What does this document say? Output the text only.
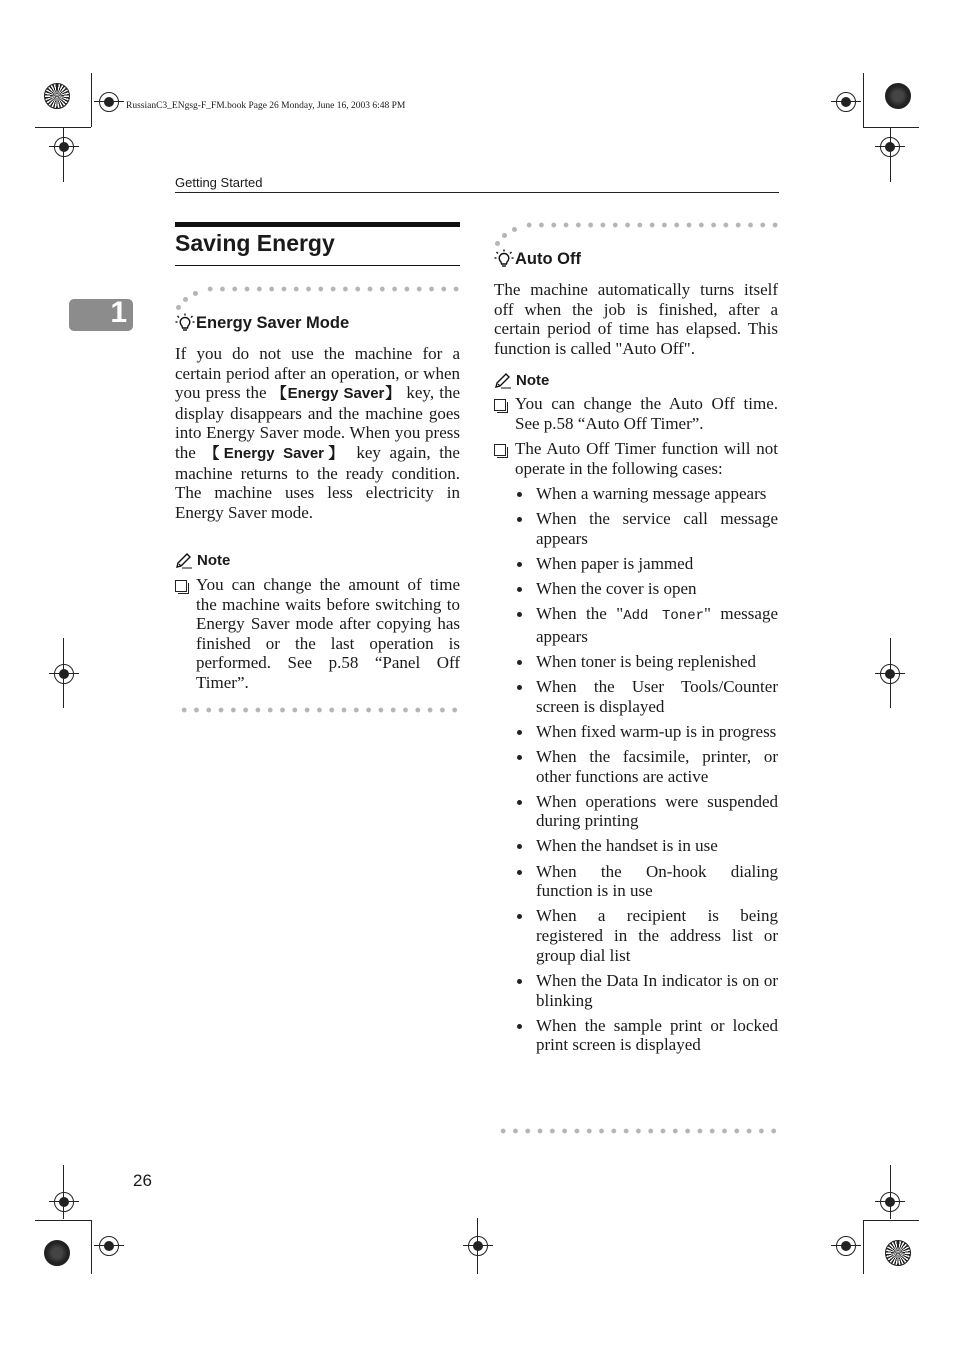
RussianC3_ENgsg-F_FM.book Page 26 Monday, June 16, 2003 6:48 PM
Getting Started
1
Saving Energy
Energy Saver Mode
If you do not use the machine for a certain period after an operation, or when you press the 【Energy Saver】 key, the display disappears and the machine goes into Energy Saver mode. When you press the 【Energy Saver】 key again, the machine returns to the ready condition. The machine uses less electricity in Energy Saver mode.
Note
You can change the amount of time the machine waits before switching to Energy Saver mode after copying has finished or the last operation is performed. See p.58 “Panel Off Timer”.
Auto Off
The machine automatically turns itself off when the job is finished, after a certain period of time has elapsed. This function is called "Auto Off".
Note
You can change the Auto Off time. See p.58 “Auto Off Timer”.
The Auto Off Timer function will not operate in the following cases:
When a warning message appears
When the service call message appears
When paper is jammed
When the cover is open
When the "Add Toner" message appears
When toner is being replenished
When the User Tools/Counter screen is displayed
When fixed warm-up is in progress
When the facsimile, printer, or other functions are active
When operations were suspended during printing
When the handset is in use
When the On-hook dialing function is in use
When a recipient is being registered in the address list or group dial list
When the Data In indicator is on or blinking
When the sample print or locked print screen is displayed
26
